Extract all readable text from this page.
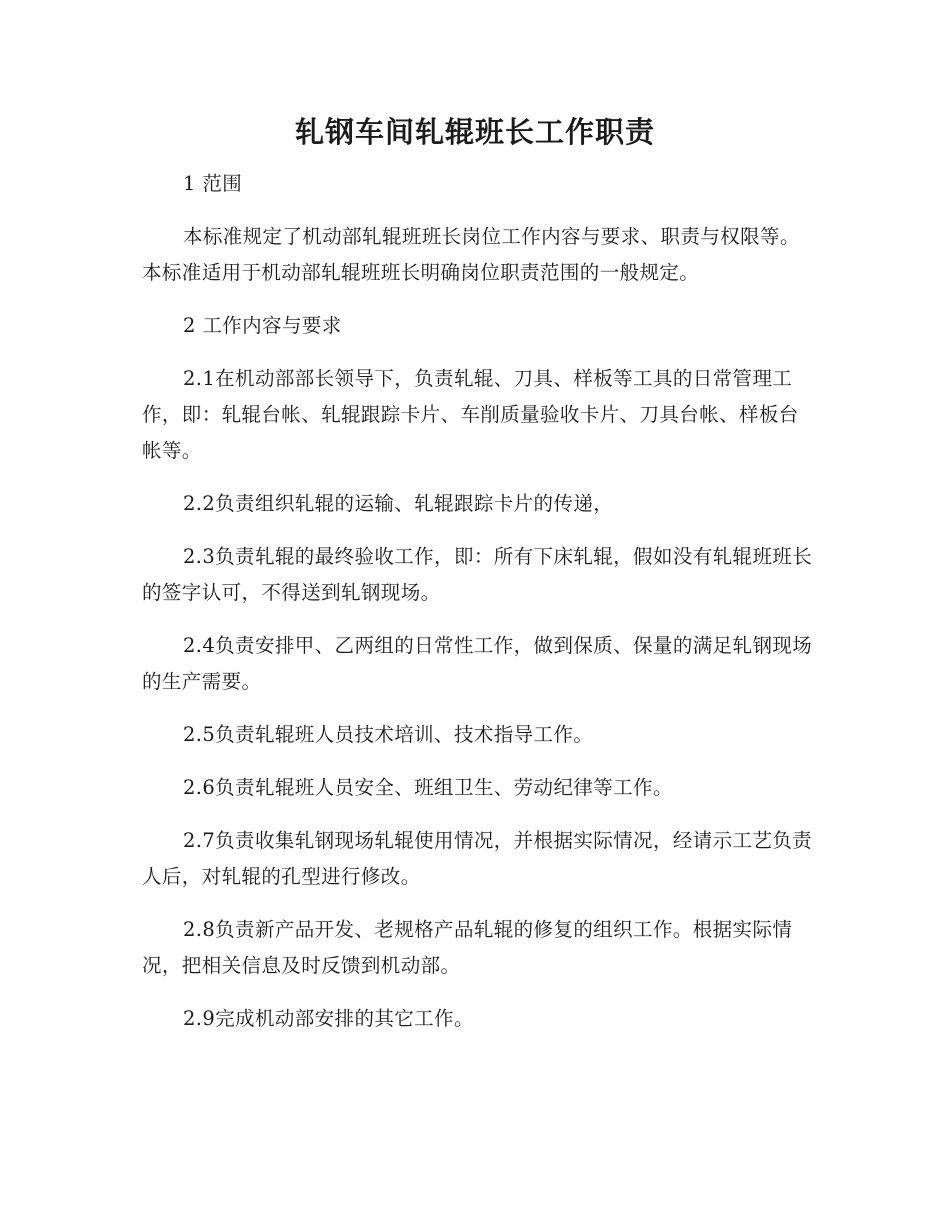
轧钢车间轧辊班长工作职责

1 范围

本标准规定了机动部轧辊班班长岗位工作内容与要求、职责与权限等。本标准适用于机动部轧辊班班长明确岗位职责范围的一般规定。

2 工作内容与要求

2.1在机动部部长领导下，负责轧辊、刀具、样板等工具的日常管理工作，即：轧辊台帐、轧辊跟踪卡片、车削质量验收卡片、刀具台帐、样板台帐等。

2.2负责组织轧辊的运输、轧辊跟踪卡片的传递，

2.3负责轧辊的最终验收工作，即：所有下床轧辊，假如没有轧辊班班长的签字认可，不得送到轧钢现场。

2.4负责安排甲、乙两组的日常性工作，做到保质、保量的满足轧钢现场的生产需要。

2.5负责轧辊班人员技术培训、技术指导工作。

2.6负责轧辊班人员安全、班组卫生、劳动纪律等工作。

2.7负责收集轧钢现场轧辊使用情况，并根据实际情况，经请示工艺负责人后，对轧辊的孔型进行修改。

2.8负责新产品开发、老规格产品轧辊的修复的组织工作。根据实际情况，把相关信息及时反馈到机动部。

2.9完成机动部安排的其它工作。
